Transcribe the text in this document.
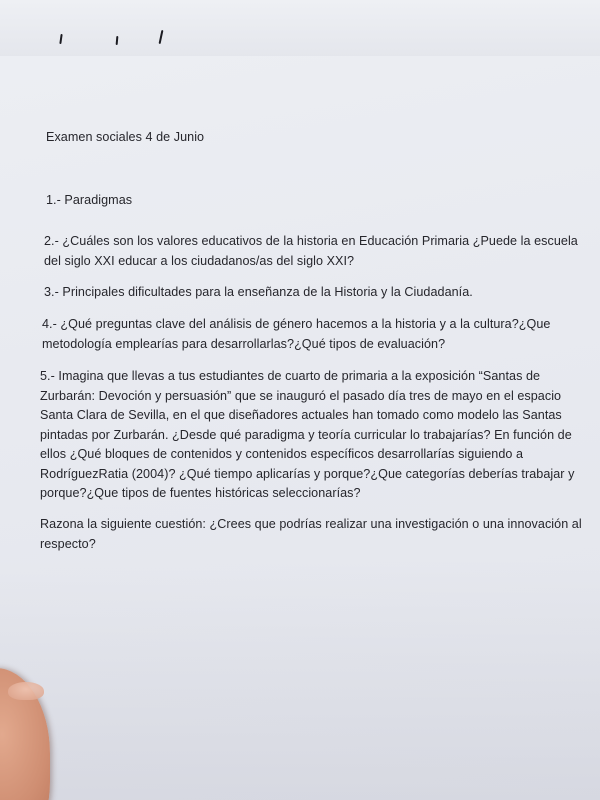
Examen sociales 4 de Junio
1.- Paradigmas
2.- ¿Cuáles son los valores educativos de la historia en Educación Primaria ¿Puede la escuela
del siglo XXI educar a los ciudadanos/as del siglo XXI?
3.- Principales dificultades para la enseñanza de la Historia y la Ciudadanía.
4.- ¿Qué preguntas clave del análisis de género hacemos a la historia y a la cultura?¿Que
metodología emplearías para desarrollarlas?¿Qué tipos de evaluación?
5.- Imagina que llevas a tus estudiantes de cuarto de primaria a la exposición “Santas de
Zurbarán: Devoción y persuasión” que se inauguró el pasado día tres de mayo en el espacio
Santa Clara de Sevilla, en el que diseñadores actuales han tomado como modelo las Santas
pintadas por Zurbarán. ¿Desde qué paradigma y teoría curricular lo trabajarías? En función de
ellos ¿Qué bloques de contenidos y contenidos específicos desarrollarías siguiendo a
RodríguezRatia (2004)? ¿Qué tiempo aplicarías y porque?¿Que categorías deberías trabajar y
porque?¿Que tipos de fuentes históricas seleccionarías?
Razona la siguiente cuestión: ¿Crees que podrías realizar una investigación o una innovación al
respecto?
